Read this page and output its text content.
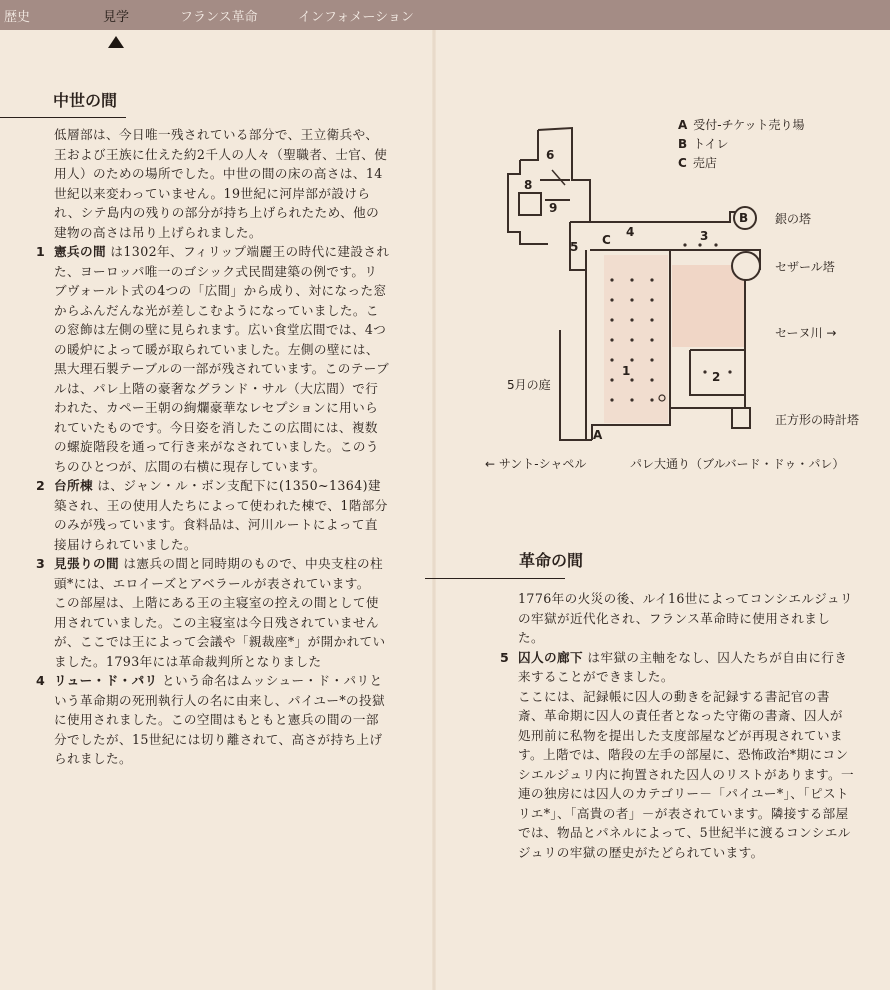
歴史	見学	フランス革命	インフォメーション
中世の間

低層部は、今日唯一残されている部分で、王立衛兵や、王および王族に仕えた約2千人の人々（聖職者、士官、使用人）のための場所でした。中世の間の床の高さは、14世紀以来変わっていません。19世紀に河岸部が設けられ、シテ島内の残りの部分が持ち上げられたため、他の建物の高さは吊り上げられました。

1 憲兵の間 は1302年、フィリップ端麗王の時代に建設された、ヨーロッパ唯一のゴシック式民間建築の例です。リブヴォールト式の4つの「広間」から成り、対になった窓からふんだんな光が差しこむようになっていました。この窓飾は左側の壁に見られます。広い食堂広間では、4つの暖炉によって暖が取られていました。左側の壁には、黒大理石製テーブルの一部が残されています。このテーブルは、パレ上階の豪奢なグランド・サル（大広間）で行われた、カペー王朝の絢爛豪華なレセプションに用いられていたものです。今日姿を消したこの広間には、複数の螺旋階段を通って行き来がなされていました。このうちのひとつが、広間の右横に現存しています。
2 台所棟 は、ジャン・ル・ボン支配下に(1350~1364)建築され、王の使用人たちによって使われた棟で、1階部分のみが残っています。食料品は、河川ルートによって直接届けられていました。
3 見張りの間 は憲兵の間と同時期のもので、中央支柱の柱頭*には、エロイーズとアベラールが表されています。
この部屋は、上階にある王の主寝室の控えの間として使用されていました。この主寝室は今日残されていませんが、ここでは王によって会議や「親裁座*」が開かれていました。1793年には革命裁判所となりました
4 リュー・ド・パリ という命名はムッシュー・ド・パリという革命期の死刑執行人の名に由来し、パイユー*の投獄に使用されました。この空間はもともと憲兵の間の一部分でしたが、15世紀には切り離されて、高さが持ち上げられました。
6
8
9
5
4	3
1	2
B
C
A
A 受付-チケット売り場
B トイレ
C 売店
銀の塔
セザール塔
セーヌ川 →
5月の庭
正方形の時計塔
← サント-シャペル	パレ大通り（ブルバード・ドゥ・パレ）
革命の間

1776年の火災の後、ルイ16世によってコンシエルジュリの牢獄が近代化され、フランス革命時に使用されました。

5 囚人の廊下 は牢獄の主軸をなし、囚人たちが自由に行き来することができました。
ここには、記録帳に囚人の動きを記録する書記官の書斎、革命期に囚人の責任者となった守衛の書斎、囚人が処刑前に私物を提出した支度部屋などが再現されています。上階では、階段の左手の部屋に、恐怖政治*期にコンシエルジュリ内に拘置された囚人のリストがあります。一連の独房には囚人のカテゴリー－「パイユー*」、「ピストリエ*」、「高貴の者」－が表されています。隣接する部屋では、物品とパネルによって、5世紀半に渡るコンシエルジュリの牢獄の歴史がたどられています。
